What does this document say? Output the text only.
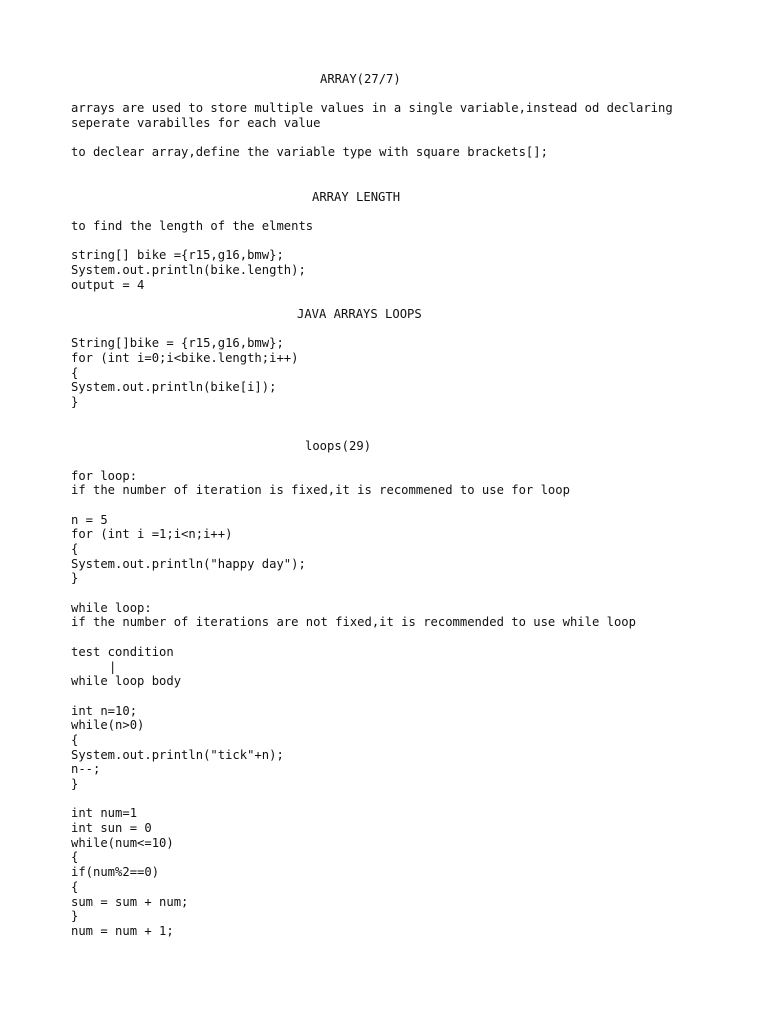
ARRAY(27/7)
arrays are used to store multiple values in a single variable,instead od declaring
seperate varabilles for each value
to declear array,define the variable type with square brackets[];
ARRAY LENGTH
to find the length of the elments
string[] bike ={r15,g16,bmw};
System.out.println(bike.length);
output = 4
JAVA ARRAYS LOOPS
String[]bike = {r15,g16,bmw};
for (int i=0;i<bike.length;i++)
{
System.out.println(bike[i]);
}
loops(29)
for loop:
if the number of iteration is fixed,it is recommened to use for loop
n = 5
for (int i =1;i<n;i++)
{
System.out.println("happy day");
}
while loop:
if the number of iterations are not fixed,it is recommended to use while loop
test condition
|
while loop body
int n=10;
while(n>0)
{
System.out.println("tick"+n);
n--;
}
int num=1
int sun = 0
while(num<=10)
{
if(num%2==0)
{
sum = sum + num;
}
num = num + 1;
